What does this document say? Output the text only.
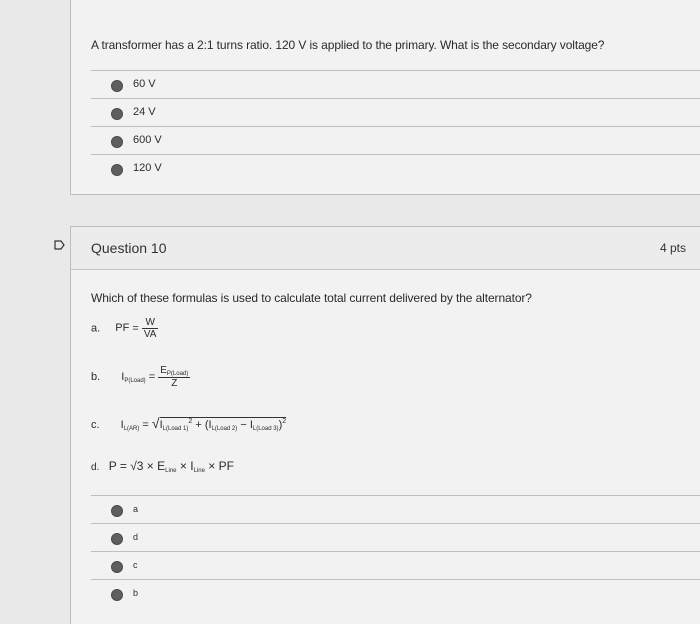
A transformer has a 2:1 turns ratio. 120 V is applied to the primary. What is the secondary voltage?
60 V
24 V
600 V
120 V
Question 10	4 pts
Which of these formulas is used to calculate total current delivered by the alternator?
a. PF = $\frac{W}{VA}$
b. $I_{P(Load)} = \frac{E_{P(Load)}}{Z}$
c. $I_{L(AR)} = √I_{L(Load 1)}^2 + (I_{L(Load 2)} - I_{L(Load 3)})^2$
d. $P = √3 \times E_{Line} \times I_{Line}$ × PF
a
d
c
b
